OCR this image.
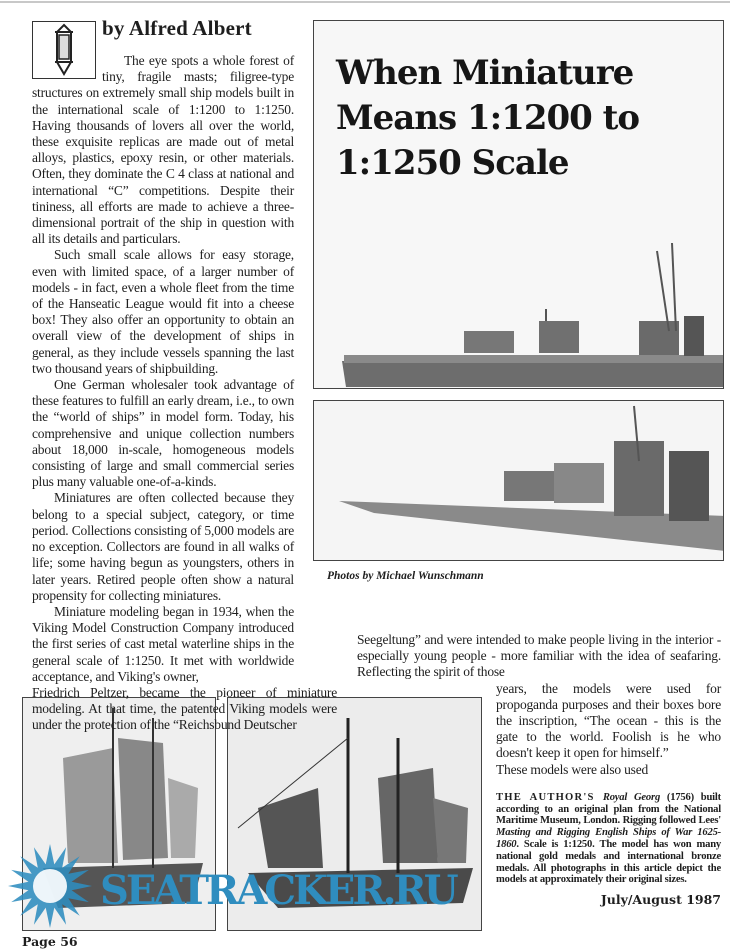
by Alfred Albert

The eye spots a whole forest of tiny, fragile masts; filigree-type structures on extremely small ship models built in the international scale of 1:1200 to 1:1250. Having thousands of lovers all over the world, these exquisite replicas are made out of metal alloys, plastics, epoxy resin, or other materials. Often, they dominate the C 4 class at national and international “C” competitions. Despite their tininess, all efforts are made to achieve a three-dimensional portrait of the ship in question with all its details and particulars.

Such small scale allows for easy storage, even with limited space, of a larger number of models - in fact, even a whole fleet from the time of the Hanseatic League would fit into a cheese box! They also offer an opportunity to obtain an overall view of the development of ships in general, as they include vessels spanning the last two thousand years of shipbuilding.

One German wholesaler took advantage of these features to fulfill an early dream, i.e., to own the “world of ships” in model form. Today, his comprehensive and unique collection numbers about 18,000 in-scale, homogeneous models consisting of large and small commercial series plus many valuable one-of-a-kinds.

Miniatures are often collected because they belong to a special subject, category, or time period. Collections consisting of 5,000 models are no exception. Collectors are found in all walks of life; some having begun as youngsters, others in later years. Retired people often show a natural propensity for collecting miniatures.

Miniature modeling began in 1934, when the Viking Model Construction Company introduced the first series of cast metal waterline ships in the general scale of 1:1250. It met with worldwide acceptance, and Viking's owner,

Friedrich Peltzer, became the pioneer of miniature modeling. At that time, the patented Viking models were under the protection of the “Reichsbund Deutscher

Seegeltung” and were intended to make people living in the interior - especially young people - more familiar with the idea of seafaring. Reflecting the spirit of those

years, the models were used for propoganda purposes and their boxes bore the inscription, “The ocean - this is the gate to the world. Foolish is he who doesn't keep it open for himself.”

These models were also used

THE AUTHOR'S Royal Georg (1756) built according to an original plan from the National Maritime Museum, London. Rigging followed Lees' Masting and Rigging English Ships of War 1625-1860. Scale is 1:1250. The model has won many national gold medals and international bronze medals. All photographs in this article depict the models at approximately their original sizes.
July/August 1987
When Miniature
Means 1:1200 to
1:1250 Scale
Photos by Michael Wunschmann
Page 56
SEATRACKER.RU
